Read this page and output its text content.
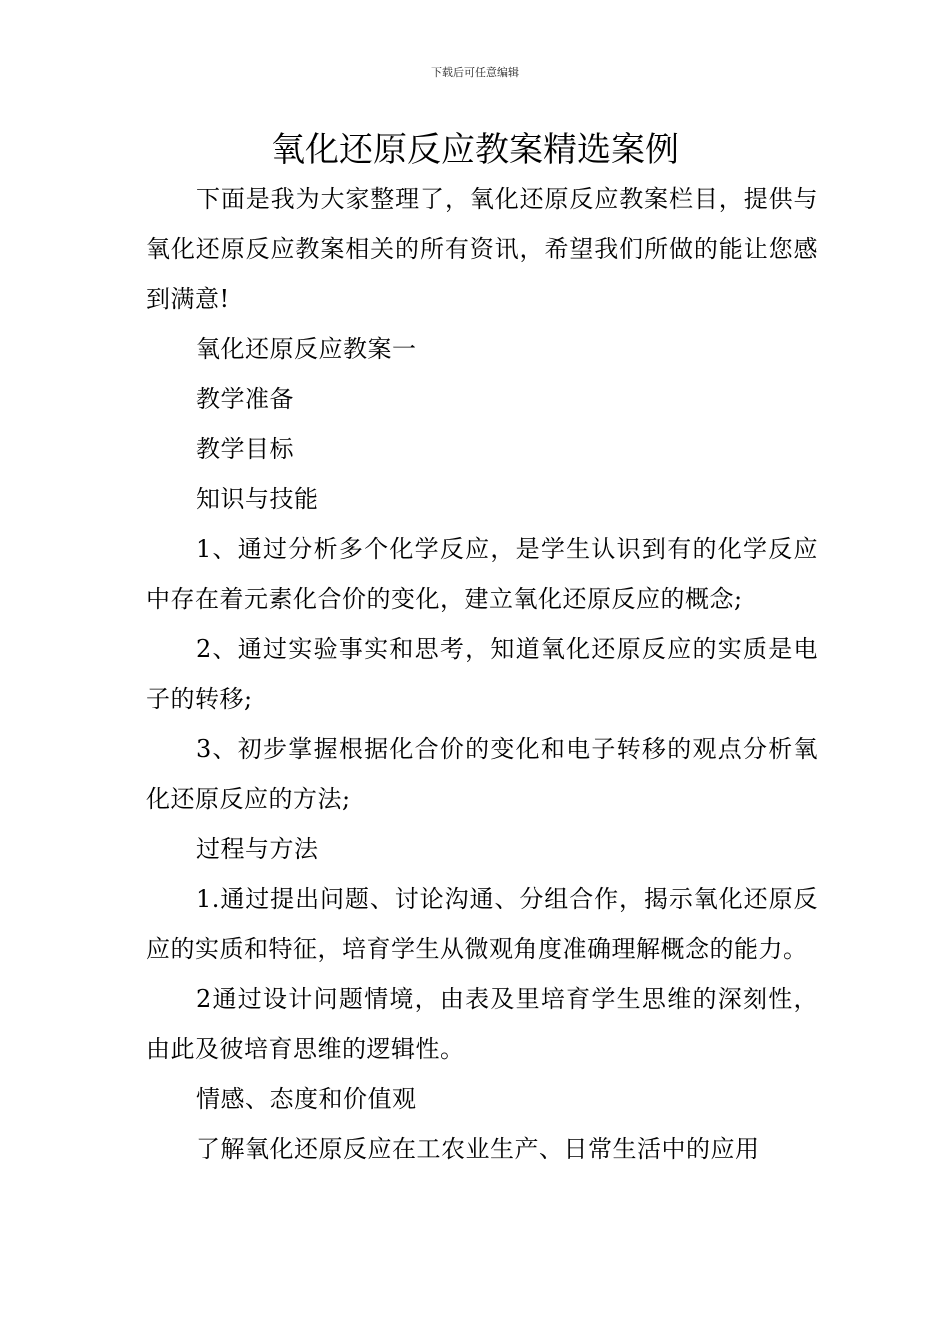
下载后可任意编辑
氧化还原反应教案精选案例

下面是我为大家整理了，氧化还原反应教案栏目，提供与氧化还原反应教案相关的所有资讯，希望我们所做的能让您感到满意!

氧化还原反应教案一

教学准备

教学目标

知识与技能

1、通过分析多个化学反应，是学生认识到有的化学反应中存在着元素化合价的变化，建立氧化还原反应的概念;

2、通过实验事实和思考，知道氧化还原反应的实质是电子的转移;

3、初步掌握根据化合价的变化和电子转移的观点分析氧化还原反应的方法;

过程与方法

1.通过提出问题、讨论沟通、分组合作，揭示氧化还原反应的实质和特征，培育学生从微观角度准确理解概念的能力。

2通过设计问题情境，由表及里培育学生思维的深刻性，由此及彼培育思维的逻辑性。

情感、态度和价值观

了解氧化还原反应在工农业生产、日常生活中的应用
